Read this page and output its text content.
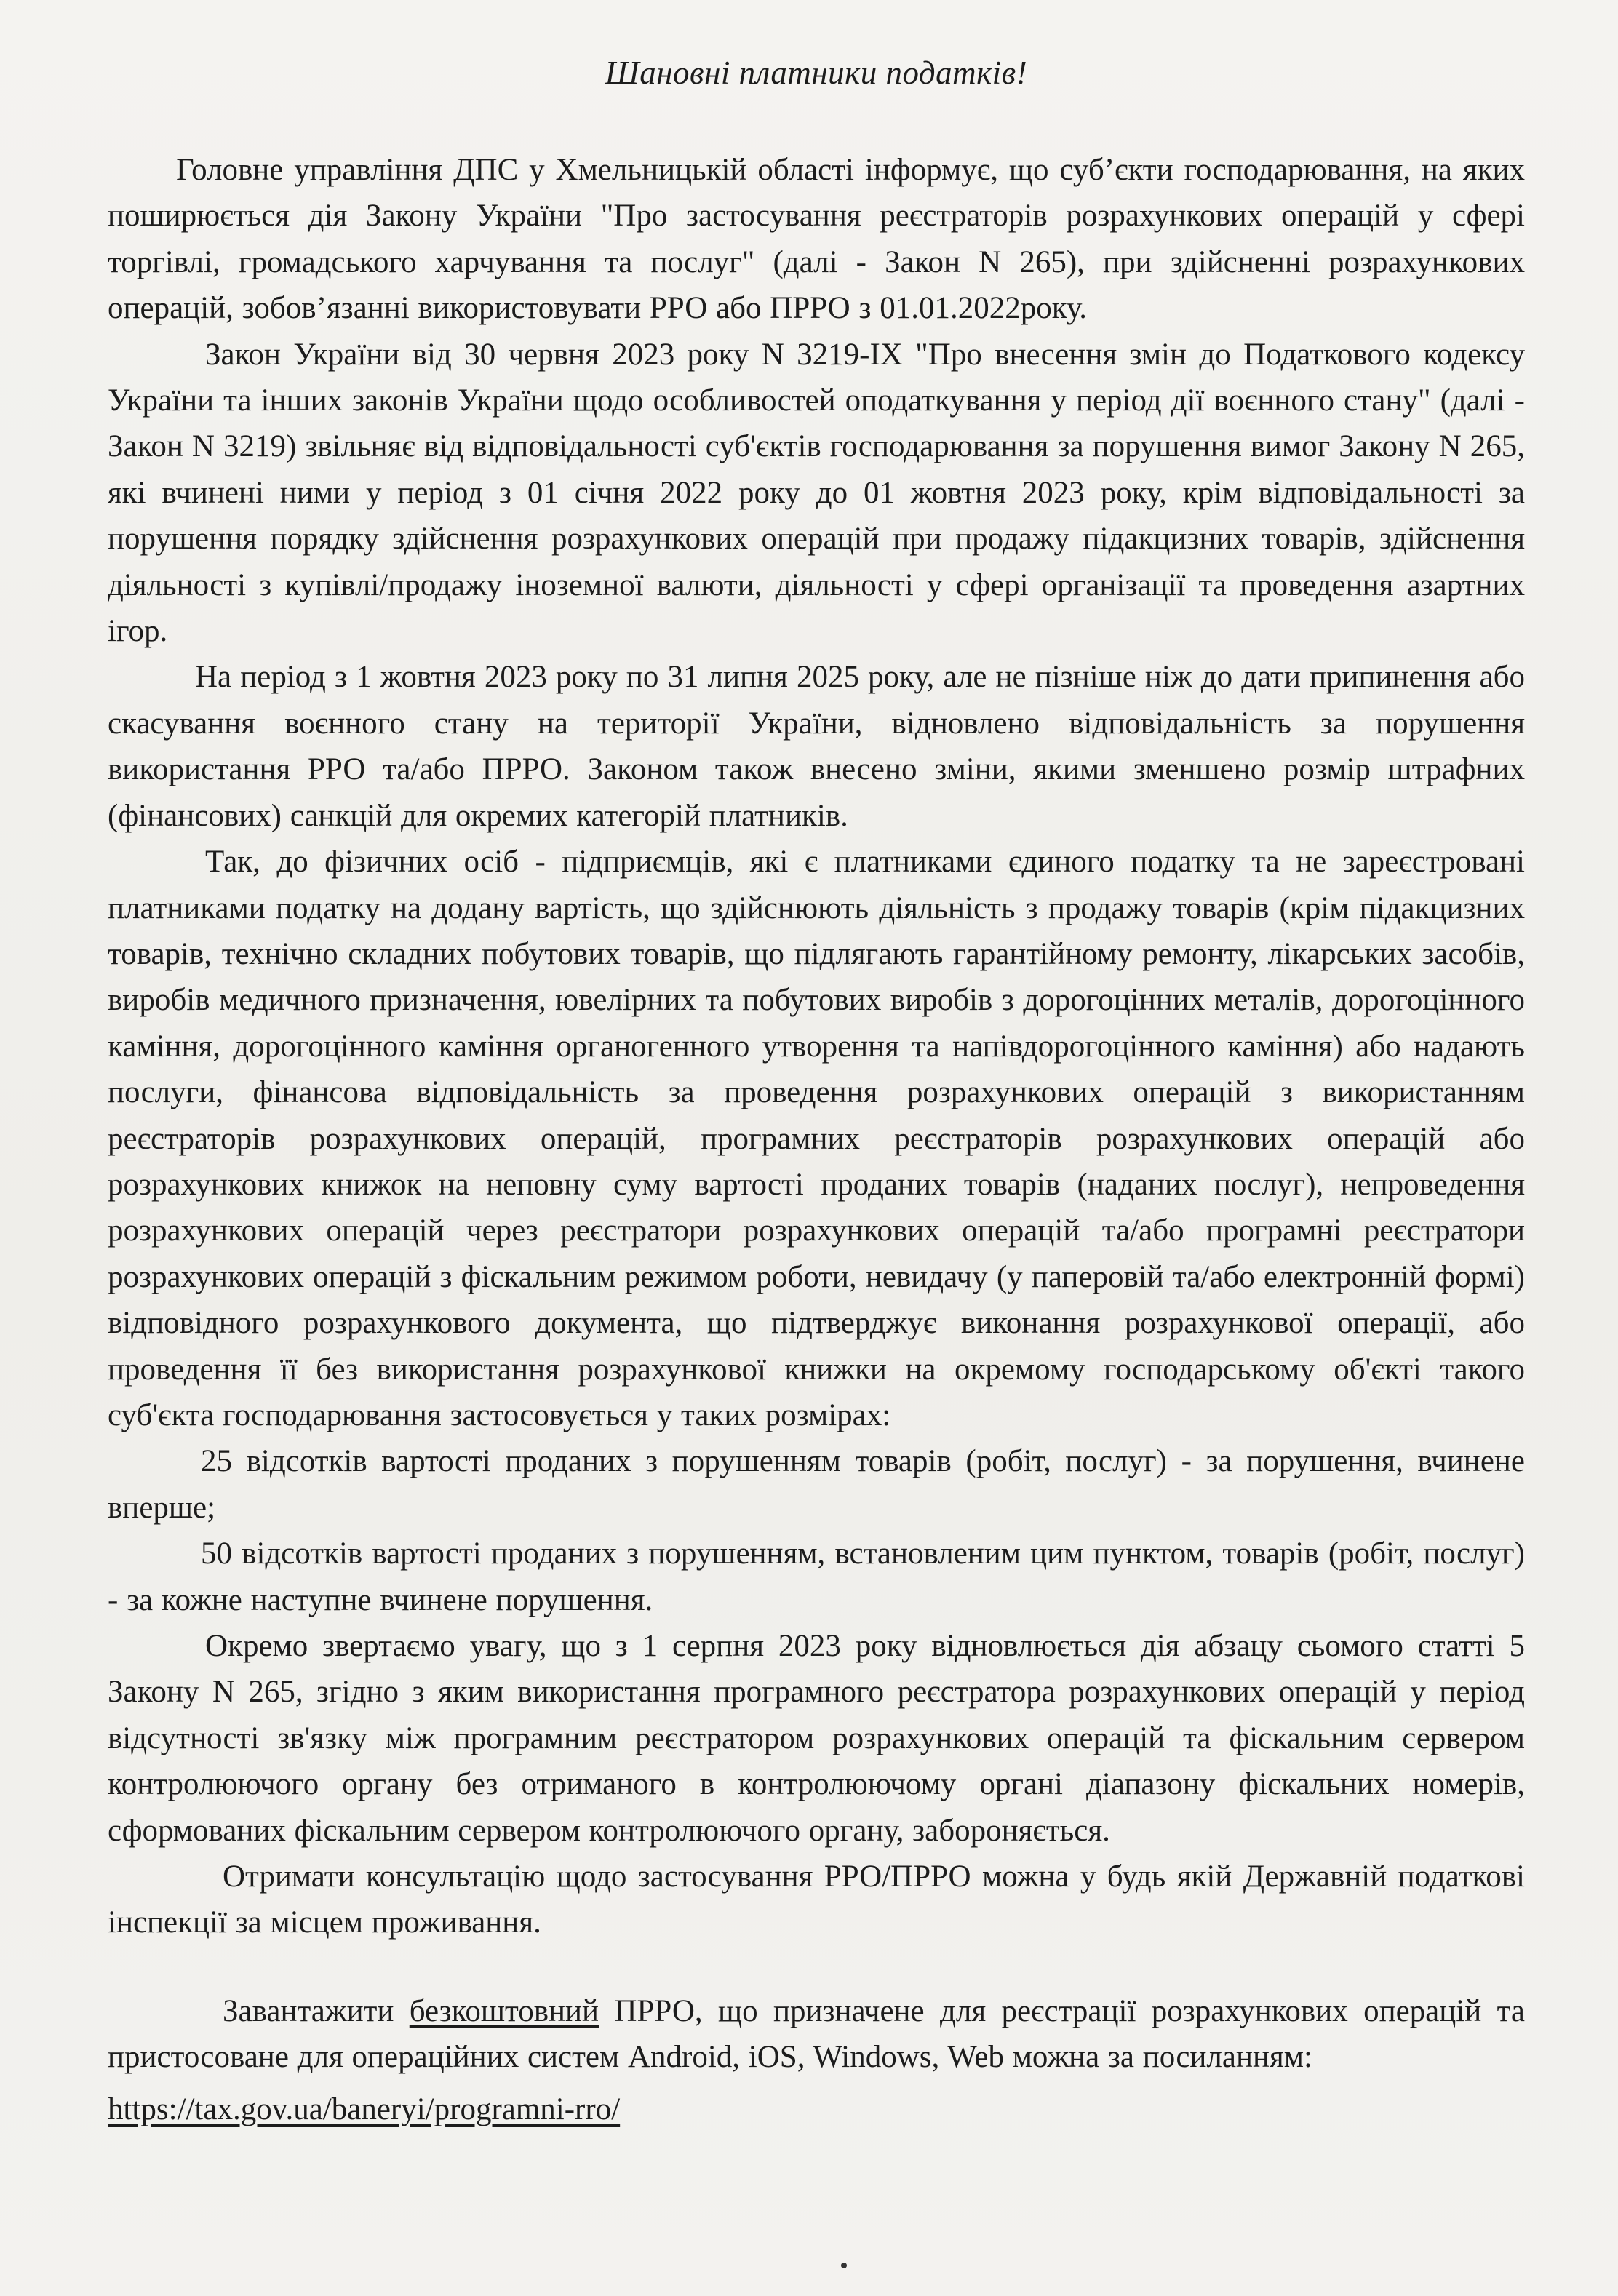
Шановні платники податків!

Головне управління ДПС у Хмельницькій області інформує, що суб’єкти господарювання, на яких поширюється дія Закону України "Про застосування реєстраторів розрахункових операцій у сфері торгівлі, громадського харчування та послуг" (далі - Закон N 265), при здійсненні розрахункових операцій, зобов’язанні використовувати РРО або ПРРО з 01.01.2022року.

Закон України від 30 червня 2023 року N 3219-IX "Про внесення змін до Податкового кодексу України та інших законів України щодо особливостей оподаткування у період дії воєнного стану" (далі - Закон N 3219) звільняє від відповідальності суб'єктів господарювання за порушення вимог Закону N 265, які вчинені ними у період з 01 січня 2022 року до 01 жовтня 2023 року, крім відповідальності за порушення порядку здійснення розрахункових операцій при продажу підакцизних товарів, здійснення діяльності з купівлі/продажу іноземної валюти, діяльності у сфері організації та проведення азартних ігор.

На період з 1 жовтня 2023 року по 31 липня 2025 року, але не пізніше ніж до дати припинення або скасування воєнного стану на території України, відновлено відповідальність за порушення використання РРО та/або ПРРО. Законом також внесено зміни, якими зменшено розмір штрафних (фінансових) санкцій для окремих категорій платників.

Так, до фізичних осіб - підприємців, які є платниками єдиного податку та не зареєстровані платниками податку на додану вартість, що здійснюють діяльність з продажу товарів (крім підакцизних товарів, технічно складних побутових товарів, що підлягають гарантійному ремонту, лікарських засобів, виробів медичного призначення, ювелірних та побутових виробів з дорогоцінних металів, дорогоцінного каміння, дорогоцінного каміння органогенного утворення та напівдорогоцінного каміння) або надають послуги, фінансова відповідальність за проведення розрахункових операцій з використанням реєстраторів розрахункових операцій, програмних реєстраторів розрахункових операцій або розрахункових книжок на неповну суму вартості проданих товарів (наданих послуг), непроведення розрахункових операцій через реєстратори розрахункових операцій та/або програмні реєстратори розрахункових операцій з фіскальним режимом роботи, невидачу (у паперовій та/або електронній формі) відповідного розрахункового документа, що підтверджує виконання розрахункової операції, або проведення її без використання розрахункової книжки на окремому господарському об'єкті такого суб'єкта господарювання застосовується у таких розмірах:

25 відсотків вартості проданих з порушенням товарів (робіт, послуг) - за порушення, вчинене вперше;

50 відсотків вартості проданих з порушенням, встановленим цим пунктом, товарів (робіт, послуг) - за кожне наступне вчинене порушення.

Окремо звертаємо увагу, що з 1 серпня 2023 року відновлюється дія абзацу сьомого статті 5 Закону N 265, згідно з яким використання програмного реєстратора розрахункових операцій у період відсутності зв'язку між програмним реєстратором розрахункових операцій та фіскальним сервером контролюючого органу без отриманого в контролюючому органі діапазону фіскальних номерів, сформованих фіскальним сервером контролюючого органу, забороняється.

Отримати консультацію щодо застосування РРО/ПРРО можна у будь якій Державній податкові інспекції за місцем проживання.

Завантажити безкоштовний ПРРО, що призначене для реєстрації розрахункових операцій та пристосоване для операційних систем Android, iOS, Windows, Web можна за посиланням:

https://tax.gov.ua/baneryi/programni-rro/
